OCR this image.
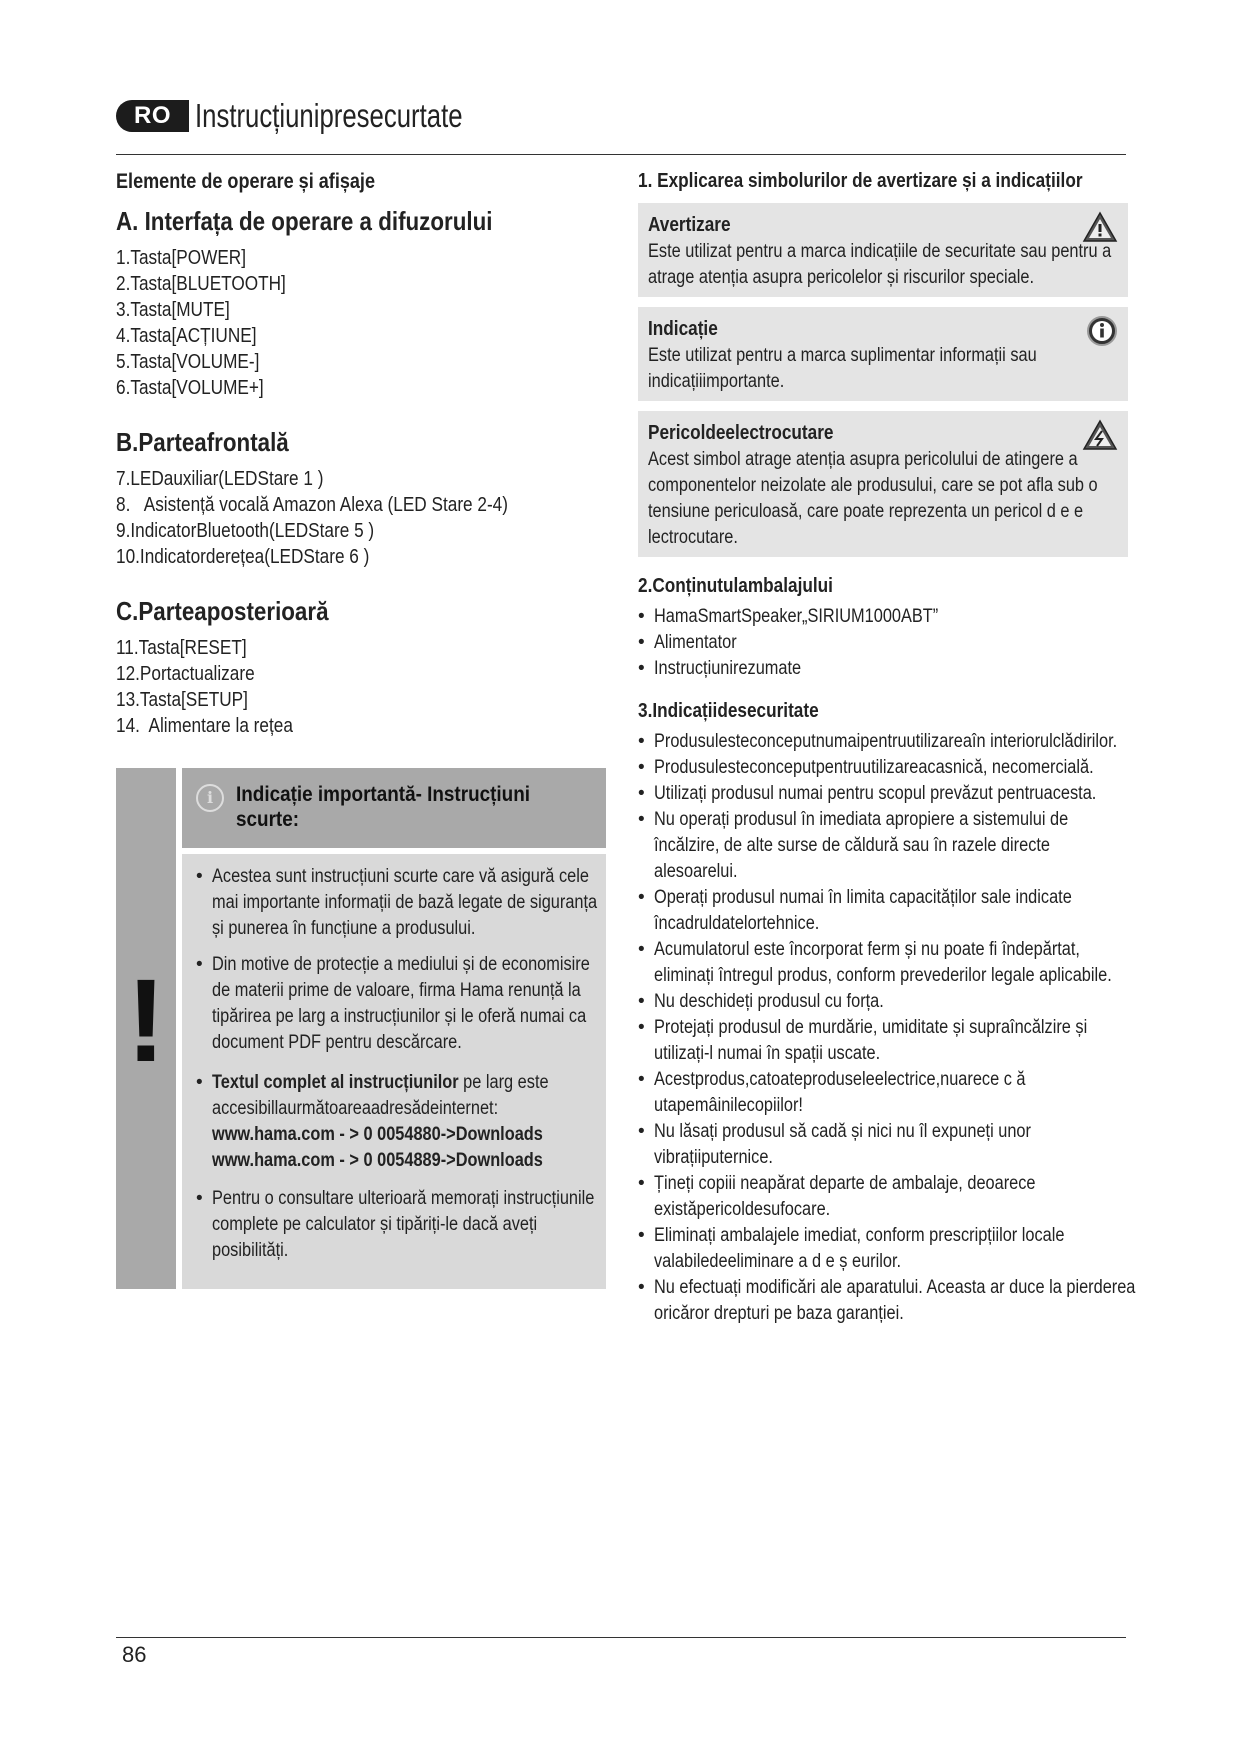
RO Instrucțiunipresecurtate
Elemente de operare și afișaje
A. Interfața de operare a difuzorului
1.Tasta[POWER]
2.Tasta[BLUETOOTH]
3.Tasta[MUTE]
4.Tasta[ACȚIUNE]
5.Tasta[VOLUME-]
6.Tasta[VOLUME+]
B.Parteafrontală
7.LEDauxiliar(LEDStare 1 )
8.   Asistență vocală Amazon Alexa (LED Stare 2-4)
9.IndicatorBluetooth(LEDStare 5 )
10.Indicatorderețea(LEDStare 6 )
C.Parteaposterioară
11.Tasta[RESET]
12.Portactualizare
13.Tasta[SETUP]
14.  Alimentare la rețea
!
i	Indicație importantă- Instrucțiuni scurte:
• Acestea sunt instrucțiuni scurte care vă asigură cele mai importante informații de bază legate de siguranța și punerea în funcțiune a produsului.
• Din motive de protecție a mediului și de economisire de materii prime de valoare, firma Hama renunță la tipărirea pe larg a instrucțiunilor și le oferă numai ca document PDF pentru descărcare.
• Textul complet al instrucțiunilor pe larg este accesibillaurmătoareaadresădeinternet:
www.hama.com - > 0 0054880->Downloads
www.hama.com - > 0 0054889->Downloads
• Pentru o consultare ulterioară memorați instrucțiunile complete pe calculator și tipăriți-le dacă aveți posibilități.
1. Explicarea simbolurilor de avertizare și a indicațiilor
Avertizare
Este utilizat pentru a marca indicațiile de securitate sau pentru a atrage atenția asupra pericolelor și riscurilor speciale.
Indicație
Este utilizat pentru a marca suplimentar informații sau indicațiiimportante.
Pericoldeelectrocutare
Acest simbol atrage atenția asupra pericolului de atingere a componentelor neizolate ale produsului, care se pot afla sub o tensiune periculoasă, care poate reprezenta un pericol d e e lectrocutare.
2.Conținutulambalajului
• HamaSmartSpeaker„SIRIUM1000ABT”
• Alimentator
• Instrucțiunirezumate
3.Indicațiidesecuritate
• Produsulesteconceputnumaipentruutilizareaîn interiorulclădirilor.
• Produsulesteconceputpentruutilizareacasnică, necomercială.
• Utilizați produsul numai pentru scopul prevăzut pentruacesta.
• Nu operați produsul în imediata apropiere a sistemului de încălzire, de alte surse de căldură sau în razele directe alesoarelui.
• Operați produsul numai în limita capacităților sale indicate încadruldatelortehnice.
• Acumulatorul este încorporat ferm și nu poate fi îndepărtat, eliminați întregul produs, conform prevederilor legale aplicabile.
• Nu deschideți produsul cu forța.
• Protejați produsul de murdărie, umiditate și supraîncălzire și utilizați-l numai în spații uscate.
• Acestprodus,catoateproduseleelectrice,nuarece c ă utapemâinilecopiilor!
• Nu lăsați produsul să cadă și nici nu îl expuneți unor vibrațiiputernice.
• Țineți copiii neapărat departe de ambalaje, deoarece existăpericoldesufocare.
• Eliminați ambalajele imediat, conform prescripțiilor locale valabiledeeliminare a d e ș eurilor.
• Nu efectuați modificări ale aparatului. Aceasta ar duce la pierderea oricăror drepturi pe baza garanției.
86
